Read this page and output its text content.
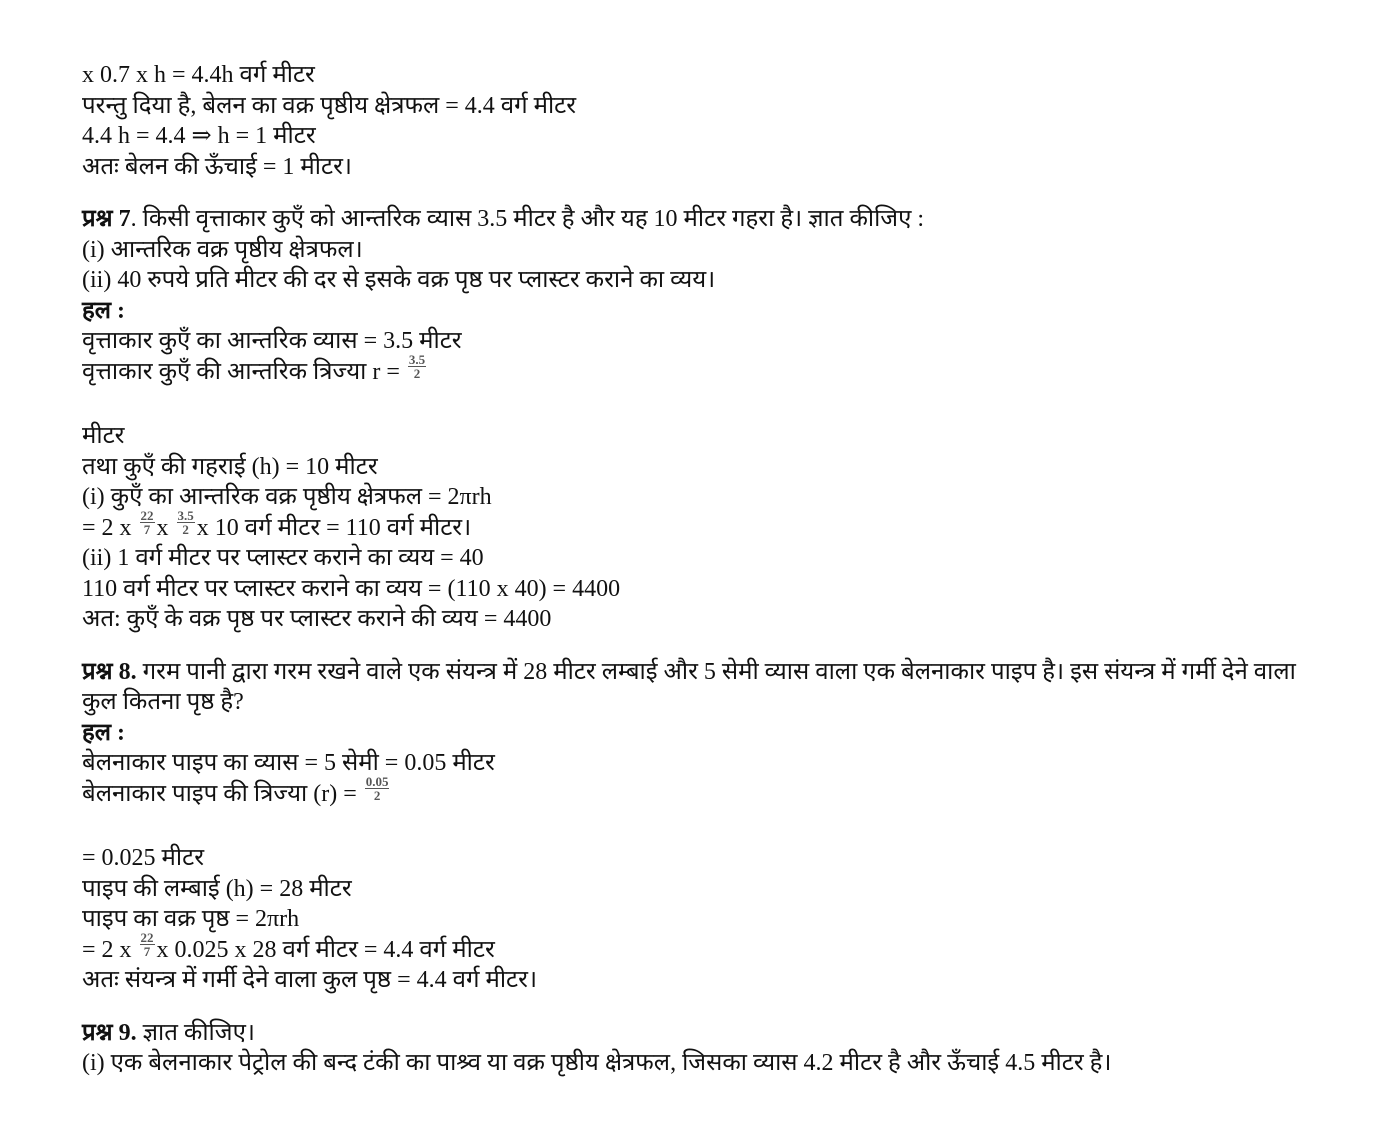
x 0.7 x h = 4.4h वर्ग मीटर
परन्तु दिया है, बेलन का वक्र पृष्ठीय क्षेत्रफल = 4.4 वर्ग मीटर
4.4 h = 4.4 ⇒ h = 1 मीटर
अतः बेलन की ऊँचाई = 1 मीटर।
प्रश्न 7. किसी वृत्ताकार कुएँ को आन्तरिक व्यास 3.5 मीटर है और यह 10 मीटर गहरा है। ज्ञात कीजिए :
(i) आन्तरिक वक्र पृष्ठीय क्षेत्रफल।
(ii) 40 रुपये प्रति मीटर की दर से इसके वक्र पृष्ठ पर प्लास्टर कराने का व्यय।
हल :
वृत्ताकार कुएँ का आन्तरिक व्यास = 3.5 मीटर
वृत्ताकार कुएँ की आन्तरिक त्रिज्या $r = \frac{3.5}{2}$
मीटर
तथा कुएँ की गहराई (h) = 10 मीटर
(i) कुएँ का आन्तरिक वक्र पृष्ठीय क्षेत्रफल = 2πrh
= 2 x $\frac{22}{7}$ x $\frac{3.5}{2}$ x 10 वर्ग मीटर = 110 वर्ग मीटर।
(ii) 1 वर्ग मीटर पर प्लास्टर कराने का व्यय = 40
110 वर्ग मीटर पर प्लास्टर कराने का व्यय = (110 x 40) = 4400
अत: कुएँ के वक्र पृष्ठ पर प्लास्टर कराने की व्यय = 4400
प्रश्न 8. गरम पानी द्वारा गरम रखने वाले एक संयन्त्र में 28 मीटर लम्बाई और 5 सेमी व्यास वाला एक बेलनाकार पाइप है। इस संयन्त्र में गर्मी देने वाला कुल कितना पृष्ठ है?
हल :
बेलनाकार पाइप का व्यास = 5 सेमी = 0.05 मीटर
बेलनाकार पाइप की त्रिज्या $(r) = \frac{0.05}{2}$
= 0.025 मीटर
पाइप की लम्बाई (h) = 28 मीटर
पाइप का वक्र पृष्ठ = 2πrh
= 2 x $\frac{22}{7}$ x 0.025 x 28 वर्ग मीटर = 4.4 वर्ग मीटर
अतः संयन्त्र में गर्मी देने वाला कुल पृष्ठ = 4.4 वर्ग मीटर।
प्रश्न 9. ज्ञात कीजिए।
(i) एक बेलनाकार पेट्रोल की बन्द टंकी का पाश्र्व या वक्र पृष्ठीय क्षेत्रफल, जिसका व्यास 4.2 मीटर है और ऊँचाई 4.5 मीटर है।
